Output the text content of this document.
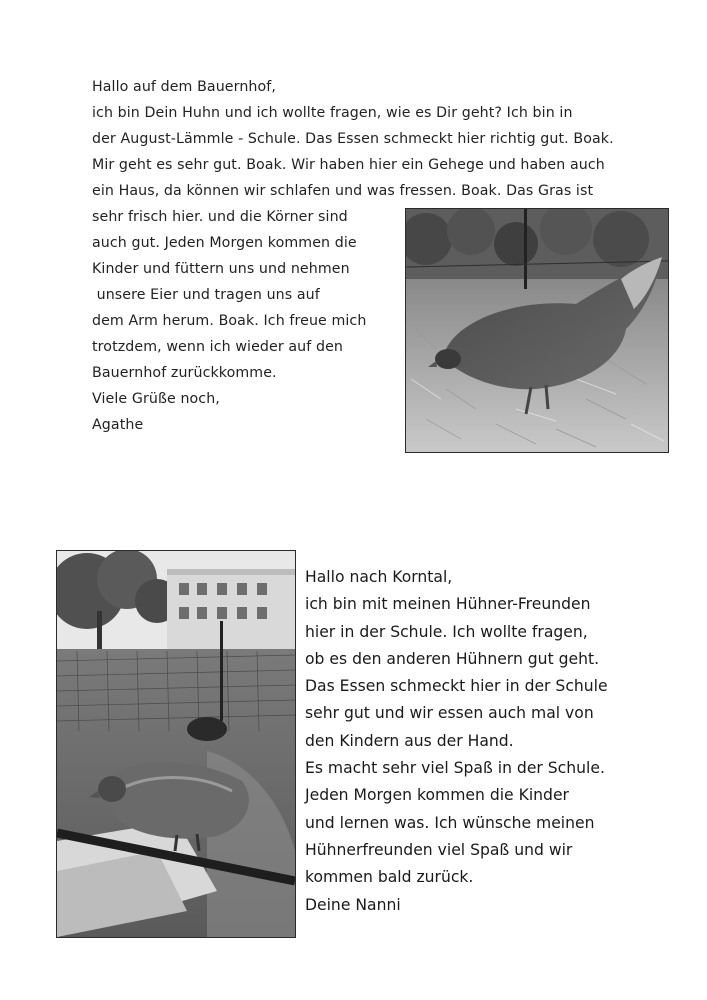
Hallo auf dem Bauernhof,
ich bin Dein Huhn und ich wollte fragen, wie es Dir geht? Ich bin in
der August-Lämmle - Schule. Das Essen schmeckt hier richtig gut. Boak.
Mir geht es sehr gut. Boak. Wir haben hier ein Gehege und haben auch
ein Haus, da können wir schlafen und was fressen. Boak. Das Gras ist
sehr frisch hier. und die Körner sind
auch gut. Jeden Morgen kommen die
Kinder und füttern uns und nehmen
unsere Eier und tragen uns auf
dem Arm herum. Boak. Ich freue mich
trotzdem, wenn ich wieder auf den
Bauernhof zurückkomme.
Viele Grüße noch,
Agathe
Hallo nach Korntal,
ich bin mit meinen Hühner-Freunden
hier in der Schule. Ich wollte fragen,
ob es den anderen Hühnern gut geht.
Das Essen schmeckt hier in der Schule
sehr gut und wir essen auch mal von
den Kindern aus der Hand.
Es macht sehr viel Spaß in der Schule.
Jeden Morgen kommen die Kinder
und lernen was. Ich wünsche meinen
Hühnerfreunden viel Spaß und wir
kommen bald zurück.
Deine Nanni
